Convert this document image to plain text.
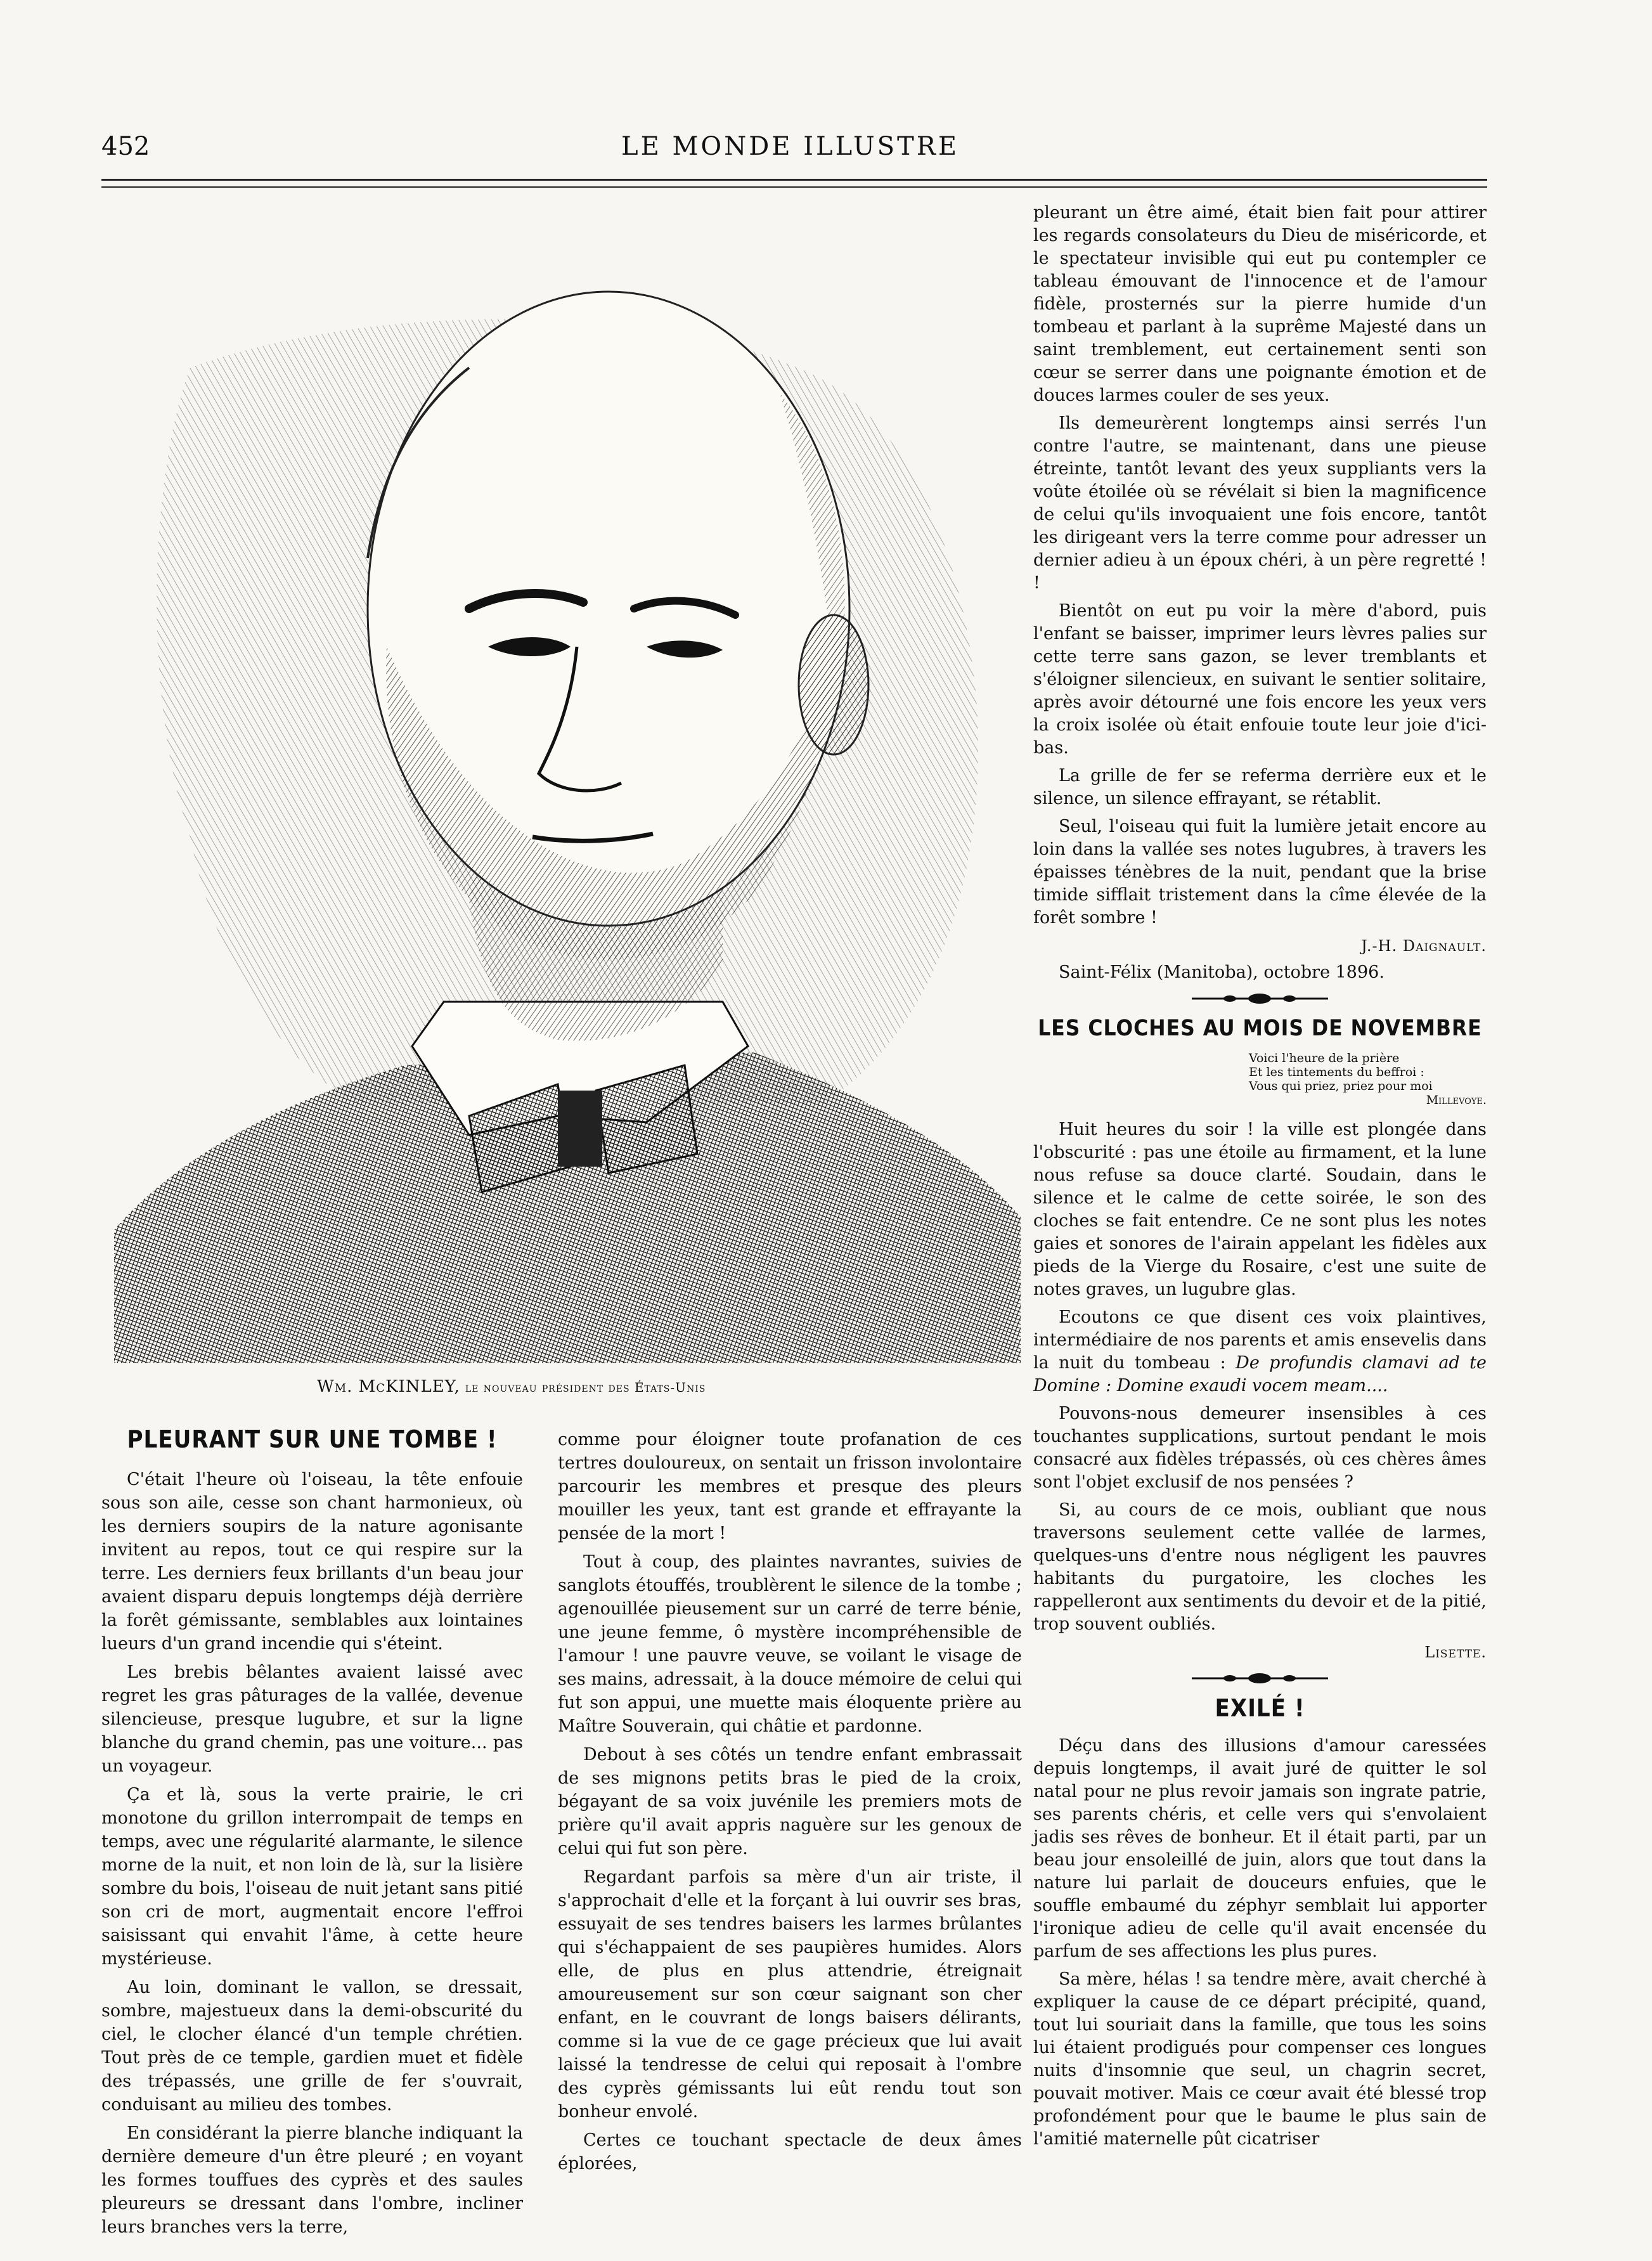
452	LE MONDE ILLUSTRE
Wm. McKINLEY, le nouveau président des États-Unis
PLEURANT SUR UNE TOMBE !

C'était l'heure où l'oiseau, la tête enfouie sous son aile, cesse son chant harmonieux, où les derniers soupirs de la nature agonisante invitent au repos, tout ce qui respire sur la terre. Les derniers feux brillants d'un beau jour avaient disparu depuis longtemps déjà derrière la forêt gémissante, semblables aux lointaines lueurs d'un grand incendie qui s'éteint.

Les brebis bêlantes avaient laissé avec regret les gras pâturages de la vallée, devenue silencieuse, presque lugubre, et sur la ligne blanche du grand chemin, pas une voiture... pas un voyageur.

Ça et là, sous la verte prairie, le cri monotone du grillon interrompait de temps en temps, avec une régularité alarmante, le silence morne de la nuit, et non loin de là, sur la lisière sombre du bois, l'oiseau de nuit jetant sans pitié son cri de mort, augmentait encore l'effroi saisissant qui envahit l'âme, à cette heure mystérieuse.

Au loin, dominant le vallon, se dressait, sombre, majestueux dans la demi-obscurité du ciel, le clocher élancé d'un temple chrétien. Tout près de ce temple, gardien muet et fidèle des trépassés, une grille de fer s'ouvrait, conduisant au milieu des tombes.

En considérant la pierre blanche indiquant la dernière demeure d'un être pleuré ; en voyant les formes touffues des cyprès et des saules pleureurs se dressant dans l'ombre, incliner leurs branches vers la terre,

comme pour éloigner toute profanation de ces tertres douloureux, on sentait un frisson involontaire parcourir les membres et presque des pleurs mouiller les yeux, tant est grande et effrayante la pensée de la mort !

Tout à coup, des plaintes navrantes, suivies de sanglots étouffés, troublèrent le silence de la tombe ; agenouillée pieusement sur un carré de terre bénie, une jeune femme, ô mystère incompréhensible de l'amour ! une pauvre veuve, se voilant le visage de ses mains, adressait, à la douce mémoire de celui qui fut son appui, une muette mais éloquente prière au Maître Souverain, qui châtie et pardonne.

Debout à ses côtés un tendre enfant embrassait de ses mignons petits bras le pied de la croix, bégayant de sa voix juvénile les premiers mots de prière qu'il avait appris naguère sur les genoux de celui qui fut son père.

Regardant parfois sa mère d'un air triste, il s'approchait d'elle et la forçant à lui ouvrir ses bras, essuyait de ses tendres baisers les larmes brûlantes qui s'échappaient de ses paupières humides. Alors elle, de plus en plus attendrie, étreignait amoureusement sur son cœur saignant son cher enfant, en le couvrant de longs baisers délirants, comme si la vue de ce gage précieux que lui avait laissé la tendresse de celui qui reposait à l'ombre des cyprès gémissants lui eût rendu tout son bonheur envolé.

Certes ce touchant spectacle de deux âmes éplorées,

pleurant un être aimé, était bien fait pour attirer les regards consolateurs du Dieu de miséricorde, et le spectateur invisible qui eut pu contempler ce tableau émouvant de l'innocence et de l'amour fidèle, prosternés sur la pierre humide d'un tombeau et parlant à la suprême Majesté dans un saint tremblement, eut certainement senti son cœur se serrer dans une poignante émotion et de douces larmes couler de ses yeux.

Ils demeurèrent longtemps ainsi serrés l'un contre l'autre, se maintenant, dans une pieuse étreinte, tantôt levant des yeux suppliants vers la voûte étoilée où se révélait si bien la magnificence de celui qu'ils invoquaient une fois encore, tantôt les dirigeant vers la terre comme pour adresser un dernier adieu à un époux chéri, à un père regretté ! !

Bientôt on eut pu voir la mère d'abord, puis l'enfant se baisser, imprimer leurs lèvres palies sur cette terre sans gazon, se lever tremblants et s'éloigner silencieux, en suivant le sentier solitaire, après avoir détourné une fois encore les yeux vers la croix isolée où était enfouie toute leur joie d'ici-bas.

La grille de fer se referma derrière eux et le silence, un silence effrayant, se rétablit.

Seul, l'oiseau qui fuit la lumière jetait encore au loin dans la vallée ses notes lugubres, à travers les épaisses ténèbres de la nuit, pendant que la brise timide sifflait tristement dans la cîme élevée de la forêt sombre !

J.-H. Daignault.
Saint-Félix (Manitoba), octobre 1896.
LES CLOCHES AU MOIS DE NOVEMBRE
Voici l'heure de la prière
Et les tintements du beffroi :
Vous qui priez, priez pour moi
Millevoye.

Huit heures du soir ! la ville est plongée dans l'obscurité : pas une étoile au firmament, et la lune nous refuse sa douce clarté. Soudain, dans le silence et le calme de cette soirée, le son des cloches se fait entendre. Ce ne sont plus les notes gaies et sonores de l'airain appelant les fidèles aux pieds de la Vierge du Rosaire, c'est une suite de notes graves, un lugubre glas.

Ecoutons ce que disent ces voix plaintives, intermédiaire de nos parents et amis ensevelis dans la nuit du tombeau : De profundis clamavi ad te Domine : Domine exaudi vocem meam....

Pouvons-nous demeurer insensibles à ces touchantes supplications, surtout pendant le mois consacré aux fidèles trépassés, où ces chères âmes sont l'objet exclusif de nos pensées ?

Si, au cours de ce mois, oubliant que nous traversons seulement cette vallée de larmes, quelques-uns d'entre nous négligent les pauvres habitants du purgatoire, les cloches les rappelleront aux sentiments du devoir et de la pitié, trop souvent oubliés.

Lisette.
EXILÉ !

Déçu dans des illusions d'amour caressées depuis longtemps, il avait juré de quitter le sol natal pour ne plus revoir jamais son ingrate patrie, ses parents chéris, et celle vers qui s'envolaient jadis ses rêves de bonheur. Et il était parti, par un beau jour ensoleillé de juin, alors que tout dans la nature lui parlait de douceurs enfuies, que le souffle embaumé du zéphyr semblait lui apporter l'ironique adieu de celle qu'il avait encensée du parfum de ses affections les plus pures.

Sa mère, hélas ! sa tendre mère, avait cherché à expliquer la cause de ce départ précipité, quand, tout lui souriait dans la famille, que tous les soins lui étaient prodigués pour compenser ces longues nuits d'insomnie que seul, un chagrin secret, pouvait motiver. Mais ce cœur avait été blessé trop profondément pour que le baume le plus sain de l'amitié maternelle pût cicatriser
